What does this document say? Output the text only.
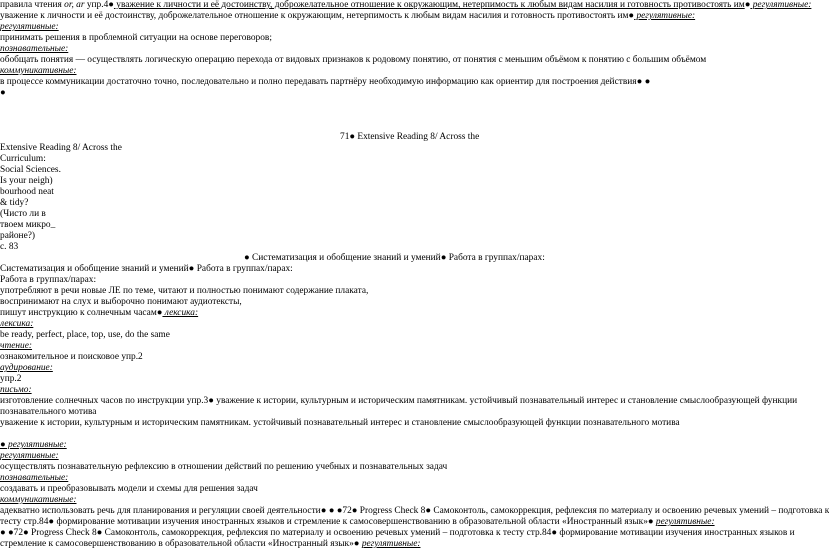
правила чтения or, ar упр.4● уважение к личности и её достоинству, доброжелательное отношение к окружающим, нетерпимость к любым видам насилия и готовность противостоять им● регулятивные:
уважение к личности и её достоинству, доброжелательное отношение к окружающим, нетерпимость к любым видам насилия и готовность противостоять им● регулятивные:
регулятивные:
принимать решения в проблемной ситуации на основе переговоров;
познавательные:
обобщать понятия — осуществлять логическую операцию перехода от видовых признаков к родовому понятию, от понятия с меньшим объёмом к понятию с большим объёмом
коммуникативные:
в процессе коммуникации достаточно точно, последовательно и полно передавать партнёру необходимую информацию как ориентир для построения действия● ●
●
71● Extensive Reading 8/ Across the
Extensive Reading 8/ Across the
Curriculum:
Social Sciences.
Is your neigh)
bourhood neat
& tidy?
(Чисто ли в
твоем микро_
районе?)
с. 83
● Систематизация и обобщение знаний и умений● Работа в группах/парах:
Систематизация и обобщение знаний и умений● Работа в группах/парах:
Работа в группах/парах:
употребляют в речи новые ЛЕ по теме, читают и полностью понимают содержание плаката,
воспринимают на слух и выборочно понимают аудиотексты,
пишут инструкцию к солнечным часам● лексика:
лексика:
be ready, perfect, place, top, use, do the same
чтение:
ознакомительное и поисковое упр.2
аудирование:
упр.2
письмо:
изготовление солнечных часов по инструкции упр.3● уважение к истории, культурным и историческим памятникам. устойчивый познавательный интерес и становление смыслообразующей функции
познавательного мотива
уважение к истории, культурным и историческим памятникам. устойчивый познавательный интерес и становление смыслообразующей функции познавательного мотива
● регулятивные:
регулятивные:
осуществлять познавательную рефлексию в отношении действий по решению учебных и познавательных задач
познавательные:
создавать и преобразовывать модели и схемы для решения задач
коммуникативные:
адекватно использовать речь для планирования и регуляции своей деятельности● ● ●72● Progress Check 8● Самоконтоль, самокоррекция, рефлексия по материалу и освоению речевых умений – подготовка к
тесту стр.84● формирование мотивации изучения иностранных языков и стремление к самосовершенствованию в образовательной области «Иностранный язык»● регулятивные:
● ●72● Progress Check 8● Самоконтоль, самокоррекция, рефлексия по материалу и освоению речевых умений – подготовка к тесту стр.84● формирование мотивации изучения иностранных языков и
стремление к самосовершенствованию в образовательной области «Иностранный язык»● регулятивные:
